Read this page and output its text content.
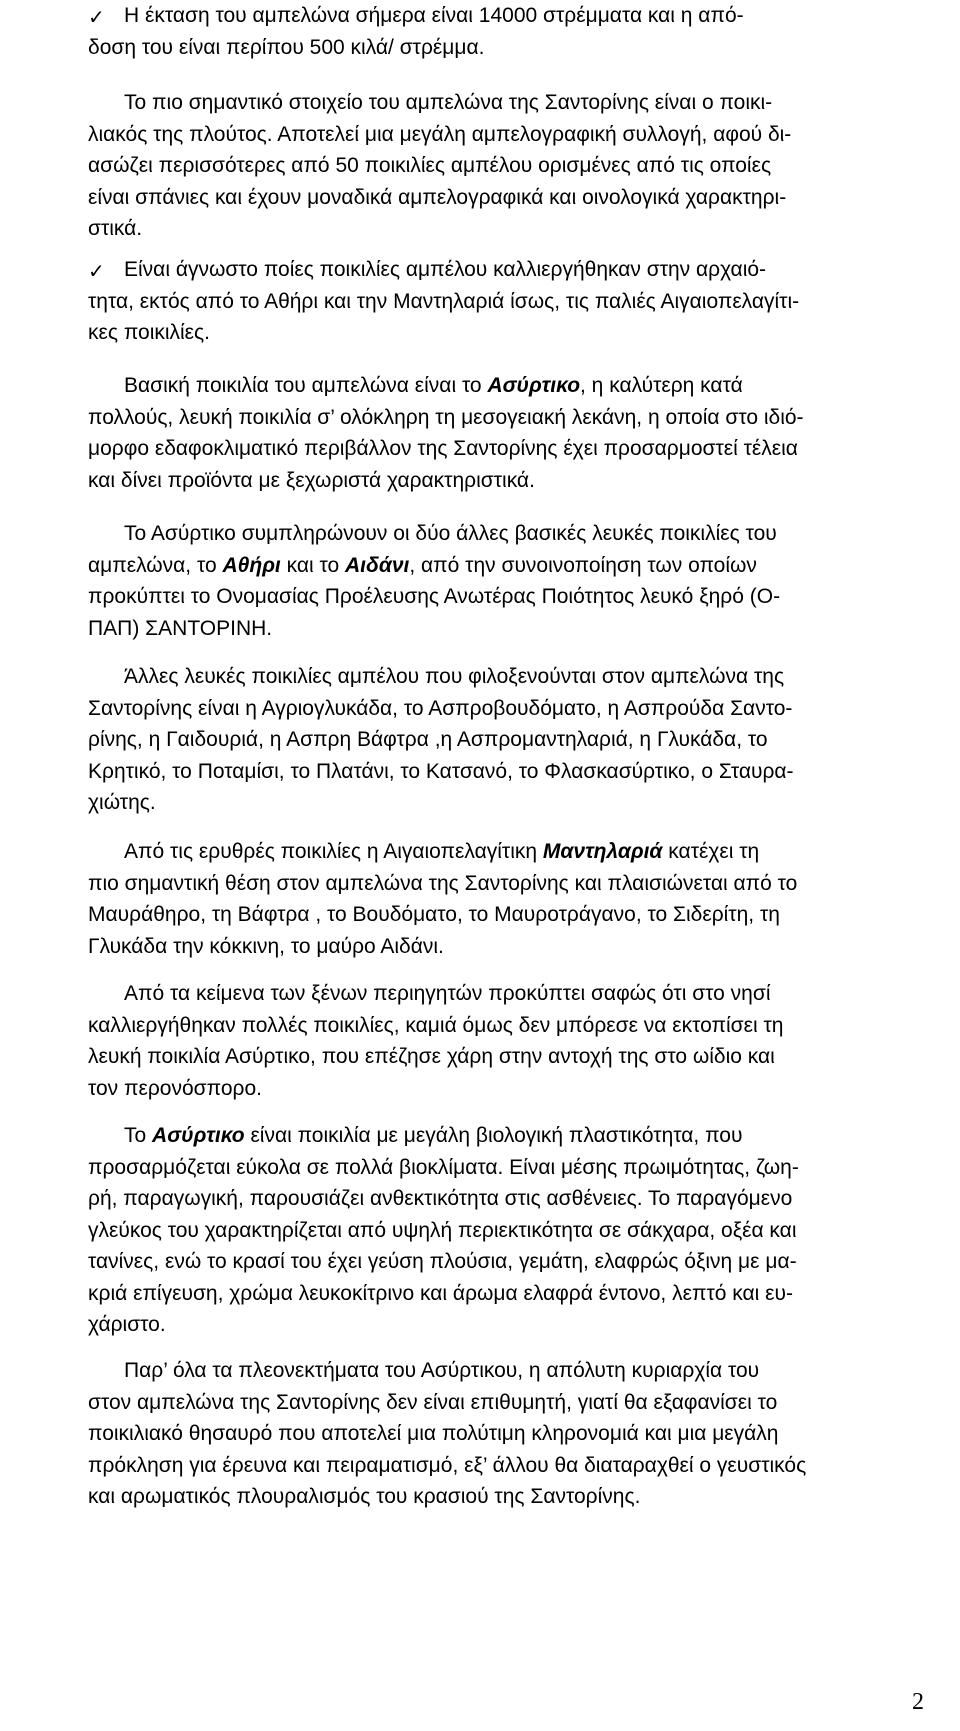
✓ Η έκταση του αμπελώνα σήμερα είναι 14000 στρέμματα και η από-
δοση του είναι περίπου 500 κιλά/ στρέμμα.
Το πιο σημαντικό στοιχείο του αμπελώνα της Σαντορίνης είναι ο ποικι-
λιακός της πλούτος. Αποτελεί μια μεγάλη αμπελογραφική συλλογή, αφού δι-
ασώζει περισσότερες από 50 ποικιλίες αμπέλου ορισμένες από τις οποίες
είναι σπάνιες και έχουν μοναδικά αμπελογραφικά και οινολογικά χαρακτηρι-
στικά.
✓ Είναι άγνωστο ποίες ποικιλίες αμπέλου καλλιεργήθηκαν στην αρχαιό-
τητα, εκτός από το Αθήρι και την Μαντηλαριά ίσως, τις παλιές Αιγαιοπελαγίτι-
κες ποικιλίες.
Βασική ποικιλία του αμπελώνα είναι το Ασύρτικο, η καλύτερη κατά
πολλούς, λευκή ποικιλία σ’ ολόκληρη τη μεσογειακή λεκάνη, η οποία στο ιδιό-
μορφο εδαφοκλιματικό περιβάλλον της Σαντορίνης έχει προσαρμοστεί τέλεια
και δίνει προϊόντα με ξεχωριστά χαρακτηριστικά.
Το Ασύρτικο συμπληρώνουν οι δύο άλλες βασικές λευκές ποικιλίες του
αμπελώνα, το Αθήρι και το Αιδάνι, από την συνοινοποίηση των οποίων
προκύπτει το Ονομασίας Προέλευσης Ανωτέρας Ποιότητος λευκό ξηρό (Ο-
ΠΑΠ) ΣΑΝΤΟΡΙΝΗ.
Άλλες λευκές ποικιλίες αμπέλου που φιλοξενούνται στον αμπελώνα της
Σαντορίνης είναι η Αγριογλυκάδα, το Ασπροβουδόματο, η Ασπρούδα Σαντο-
ρίνης, η Γαιδουριά, η Ασπρη Βάφτρα ,η Ασπρομαντηλαριά, η Γλυκάδα, το
Κρητικό, το Ποταμίσι, το Πλατάνι, το Κατσανό, το Φλασκασύρτικο, ο Σταυρα-
χιώτης.
Από τις ερυθρές ποικιλίες η Αιγαιοπελαγίτικη Μαντηλαριά κατέχει τη
πιο σημαντική θέση στον αμπελώνα της Σαντορίνης και πλαισιώνεται από το
Μαυράθηρο, τη Βάφτρα , το Βουδόματο, το Μαυροτράγανο, το Σιδερίτη, τη
Γλυκάδα την κόκκινη, το μαύρο Αιδάνι.
Από τα κείμενα των ξένων περιηγητών προκύπτει σαφώς ότι στο νησί
καλλιεργήθηκαν πολλές ποικιλίες, καμιά όμως δεν μπόρεσε να εκτοπίσει τη
λευκή ποικιλία Ασύρτικο, που επέζησε χάρη στην αντοχή της στο ωίδιο και
τον περονόσπορο.
Το Ασύρτικο είναι ποικιλία με μεγάλη βιολογική πλαστικότητα, που
προσαρμόζεται εύκολα σε πολλά βιοκλίματα. Είναι μέσης πρωιμότητας, ζωη-
ρή, παραγωγική, παρουσιάζει ανθεκτικότητα στις ασθένειες. Το παραγόμενο
γλεύκος του χαρακτηρίζεται από υψηλή περιεκτικότητα σε σάκχαρα, οξέα και
τανίνες, ενώ το κρασί του έχει γεύση πλούσια, γεμάτη, ελαφρώς όξινη με μα-
κριά επίγευση, χρώμα λευκοκίτρινο και άρωμα ελαφρά έντονο, λεπτό και ευ-
χάριστο.
Παρ’ όλα τα πλεονεκτήματα του Ασύρτικου, η απόλυτη κυριαρχία του
στον αμπελώνα της Σαντορίνης δεν είναι επιθυμητή, γιατί θα εξαφανίσει το
ποικιλιακό θησαυρό που αποτελεί μια πολύτιμη κληρονομιά και μια μεγάλη
πρόκληση για έρευνα και πειραματισμό, εξ’ άλλου θα διαταραχθεί ο γευστικός
και αρωματικός πλουραλισμός του κρασιού της Σαντορίνης.
2
